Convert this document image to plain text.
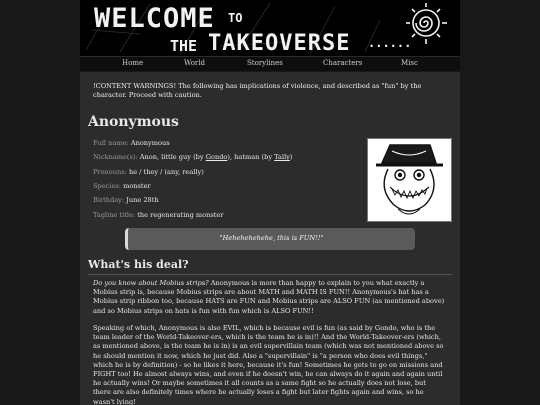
WELCOME TO
THE TAKEOVERSE ......
Home	World	Storylines	Characters	Misc

!CONTENT WARNINGS! The following has implications of violence, and described as "fun" by the character. Proceed with caution.

Anonymous
Full name: Anonymous
Nickname(s): Anon, little guy (by Gondo), hatman (by Tally)
Pronouns: he / they / (any, really)
Species: monster
Birthday: June 28th
Tagline title: the regenerating monster
"Hehehehehehe, this is FUN!!"
What's his deal?

Do you know about Mobius strips? Anonymous is more than happy to explain to you what exactly a Mobius strip is, because Mobius strips are about MATH and MATH IS FUN!! Anonymous's hat has a Mobius strip ribbon too, because HATS are FUN and Mobius strips are ALSO FUN (as mentioned above) and so Mobius strips on hats is fun with fun which is ALSO FUN!!

Speaking of which, Anonymous is also EVIL, which is because evil is fun (as said by Gondo, who is the team leader of the World-Takeover-ers, which is the team he is in)!! And the World-Takeover-ers (which, as mentioned above, is the team he is in) is an evil supervillain team (which was not mentioned above so he should mention it now, which he just did. Also a "supervillain" is "a person who does evil things," which he is by definition) - so he likes it here, because it's fun! Sometimes he gets to go on missions and FIGHT too! He almost always wins, and even if he doesn't win, he can always do it again and again until he actually wins! Or maybe sometimes it all counts as a same fight so he actually does not lose, but there are also definitely times where he actually loses a fight but later fights again and wins, so he wasn't lying!
